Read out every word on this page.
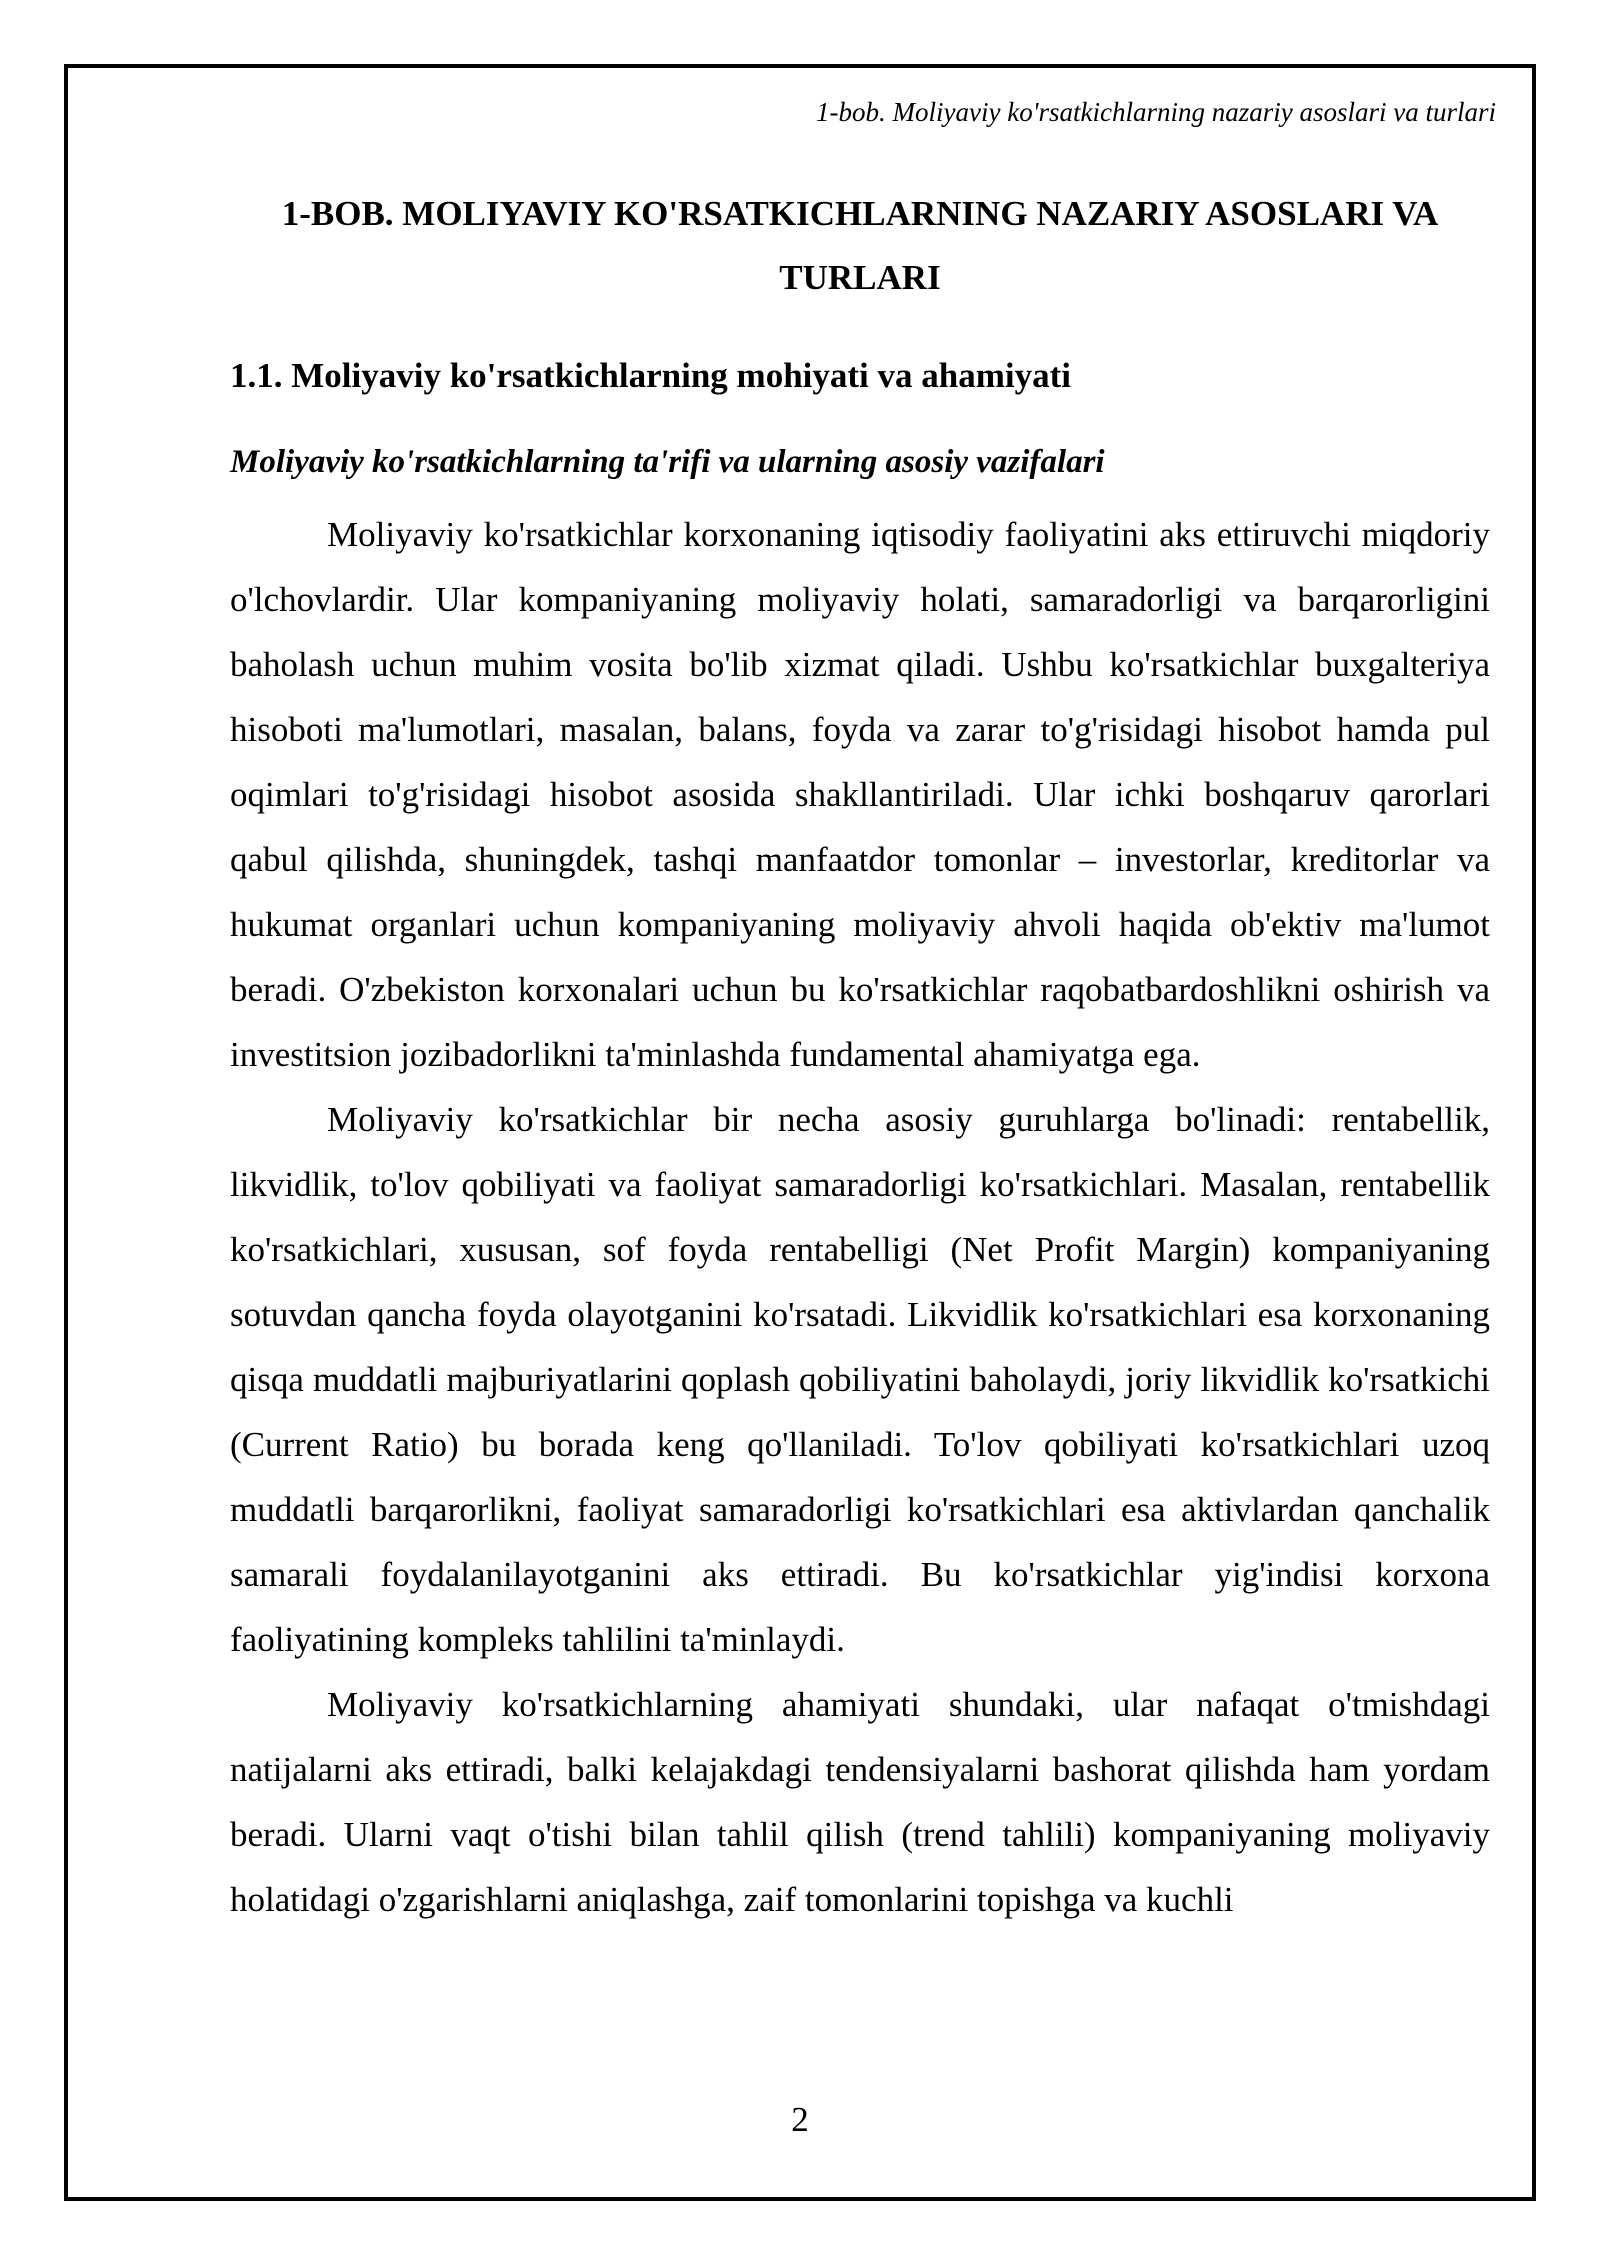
1-bob. Moliyaviy ko'rsatkichlarning nazariy asoslari va turlari
1-BOB. MOLIYAVIY KO'RSATKICHLARNING NAZARIY ASOSLARI VA TURLARI
1.1. Moliyaviy ko'rsatkichlarning mohiyati va ahamiyati
Moliyaviy ko'rsatkichlarning ta'rifi va ularning asosiy vazifalari

Moliyaviy ko'rsatkichlar korxonaning iqtisodiy faoliyatini aks ettiruvchi miqdoriy o'lchovlardir. Ular kompaniyaning moliyaviy holati, samaradorligi va barqarorligini baholash uchun muhim vosita bo'lib xizmat qiladi. Ushbu ko'rsatkichlar buxgalteriya hisoboti ma'lumotlari, masalan, balans, foyda va zarar to'g'risidagi hisobot hamda pul oqimlari to'g'risidagi hisobot asosida shakllantiriladi. Ular ichki boshqaruv qarorlari qabul qilishda, shuningdek, tashqi manfaatdor tomonlar – investorlar, kreditorlar va hukumat organlari uchun kompaniyaning moliyaviy ahvoli haqida ob'ektiv ma'lumot beradi. O'zbekiston korxonalari uchun bu ko'rsatkichlar raqobatbardoshlikni oshirish va investitsion jozibadorlikni ta'minlashda fundamental ahamiyatga ega.

Moliyaviy ko'rsatkichlar bir necha asosiy guruhlarga bo'linadi: rentabellik, likvidlik, to'lov qobiliyati va faoliyat samaradorligi ko'rsatkichlari. Masalan, rentabellik ko'rsatkichlari, xususan, sof foyda rentabelligi (Net Profit Margin) kompaniyaning sotuvdan qancha foyda olayotganini ko'rsatadi. Likvidlik ko'rsatkichlari esa korxonaning qisqa muddatli majburiyatlarini qoplash qobiliyatini baholaydi, joriy likvidlik ko'rsatkichi (Current Ratio) bu borada keng qo'llaniladi. To'lov qobiliyati ko'rsatkichlari uzoq muddatli barqarorlikni, faoliyat samaradorligi ko'rsatkichlari esa aktivlardan qanchalik samarali foydalanilayotganini aks ettiradi. Bu ko'rsatkichlar yig'indisi korxona faoliyatining kompleks tahlilini ta'minlaydi.

Moliyaviy ko'rsatkichlarning ahamiyati shundaki, ular nafaqat o'tmishdagi natijalarni aks ettiradi, balki kelajakdagi tendensiyalarni bashorat qilishda ham yordam beradi. Ularni vaqt o'tishi bilan tahlil qilish (trend tahlili) kompaniyaning moliyaviy holatidagi o'zgarishlarni aniqlashga, zaif tomonlarini topishga va kuchli

2
